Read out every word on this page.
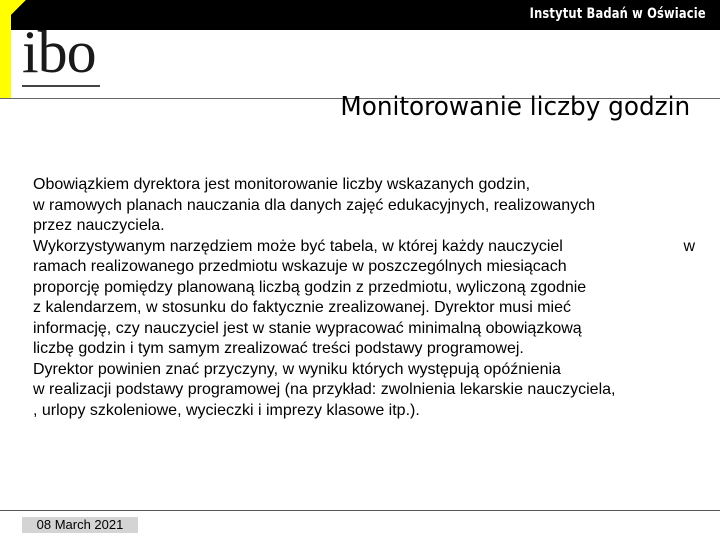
Instytut Badań w Oświacie
ibo
Monitorowanie liczby godzin
Obowiązkiem dyrektora jest monitorowanie liczby wskazanych godzin,
w ramowych planach nauczania dla danych zajęć edukacyjnych, realizowanych
przez nauczyciela.
Wykorzystywanym narzędziem może być tabela, w której każdy nauczyciel	w
ramach realizowanego przedmiotu wskazuje w poszczególnych miesiącach
proporcję pomiędzy planowaną liczbą godzin z przedmiotu, wyliczoną zgodnie
z kalendarzem, w stosunku do faktycznie zrealizowanej. Dyrektor musi mieć
informację, czy nauczyciel jest w stanie wypracować minimalną obowiązkową
liczbę godzin i tym samym zrealizować treści podstawy programowej.
Dyrektor powinien znać przyczyny, w wyniku których występują opóźnienia
w realizacji podstawy programowej (na przykład: zwolnienia lekarskie nauczyciela,
, urlopy szkoleniowe, wycieczki i imprezy klasowe itp.).
08 March 2021
